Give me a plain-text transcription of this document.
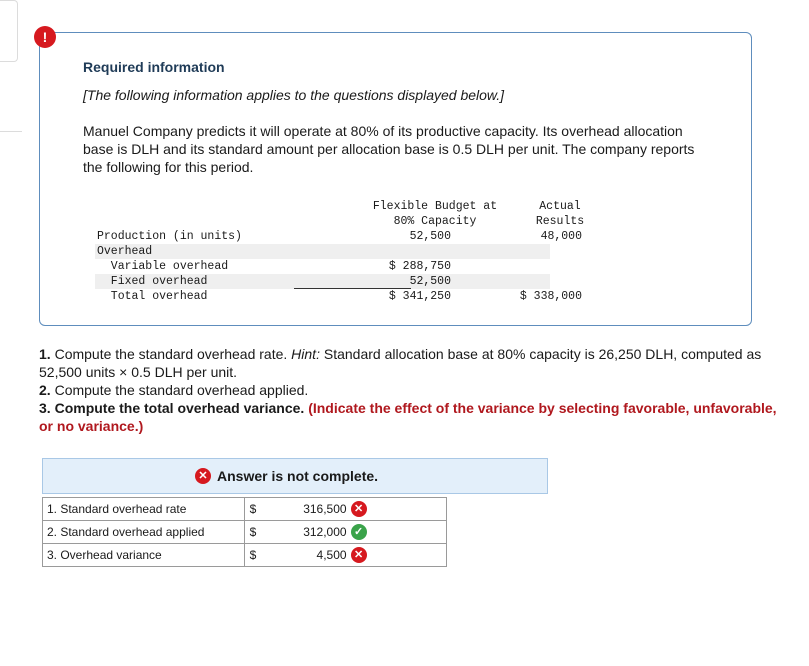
!
Required information
[The following information applies to the questions displayed below.]
Manuel Company predicts it will operate at 80% of its productive capacity. Its overhead allocation base is DLH and its standard amount per allocation base is 0.5 DLH per unit. The company reports the following for this period.
Flexible Budget at
80% Capacity
Actual
Results
Production (in units)	52,500	48,000
Overhead
Variable overhead	$ 288,750
Fixed overhead	52,500
Total overhead	$ 341,250	$ 338,000
1. Compute the standard overhead rate. Hint: Standard allocation base at 80% capacity is 26,250 DLH, computed as 52,500 units × 0.5 DLH per unit.
2. Compute the standard overhead applied.
3. Compute the total overhead variance. (Indicate the effect of the variance by selecting favorable, unfavorable, or no variance.)
✕ Answer is not complete.
1. Standard overhead rate	$ 316,500 ✕

2. Standard overhead applied	$ 312,000 ✓

3. Overhead variance	$ 4,500 ✕
